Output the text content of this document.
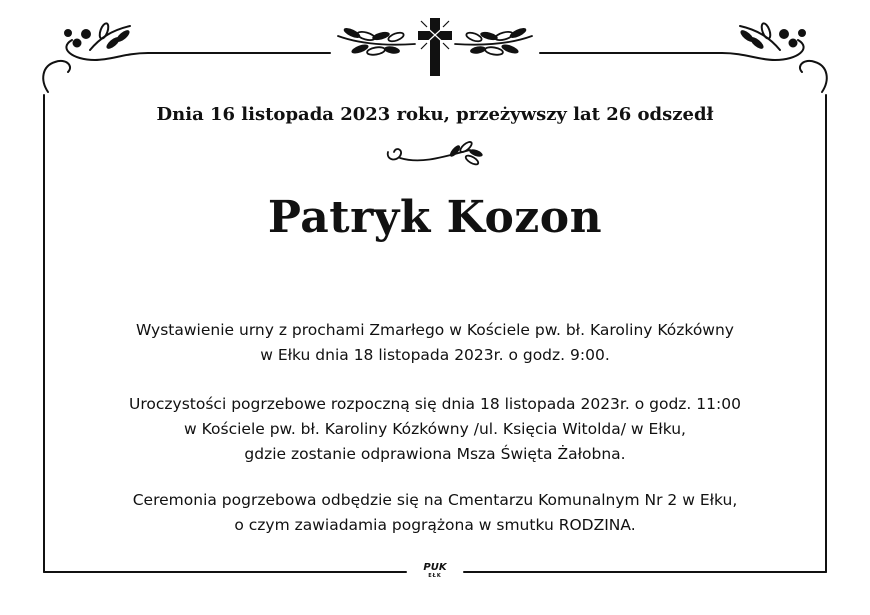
Dnia 16 listopada 2023 roku, przeżywszy lat 26 odszedł
Patryk Kozon
Wystawienie urny z prochami Zmarłego w Kościele pw. bł. Karoliny Kózkówny
w Ełku dnia 18 listopada 2023r. o godz. 9:00.
Uroczystości pogrzebowe rozpoczną się dnia 18 listopada 2023r. o godz. 11:00
w Kościele pw. bł. Karoliny Kózkówny /ul. Księcia Witolda/ w Ełku,
gdzie zostanie odprawiona Msza Święta Żałobna.
Ceremonia pogrzebowa odbędzie się na Cmentarzu Komunalnym Nr 2 w Ełku,
o czym zawiadamia pogrążona w smutku RODZINA.
PUK
EŁK
